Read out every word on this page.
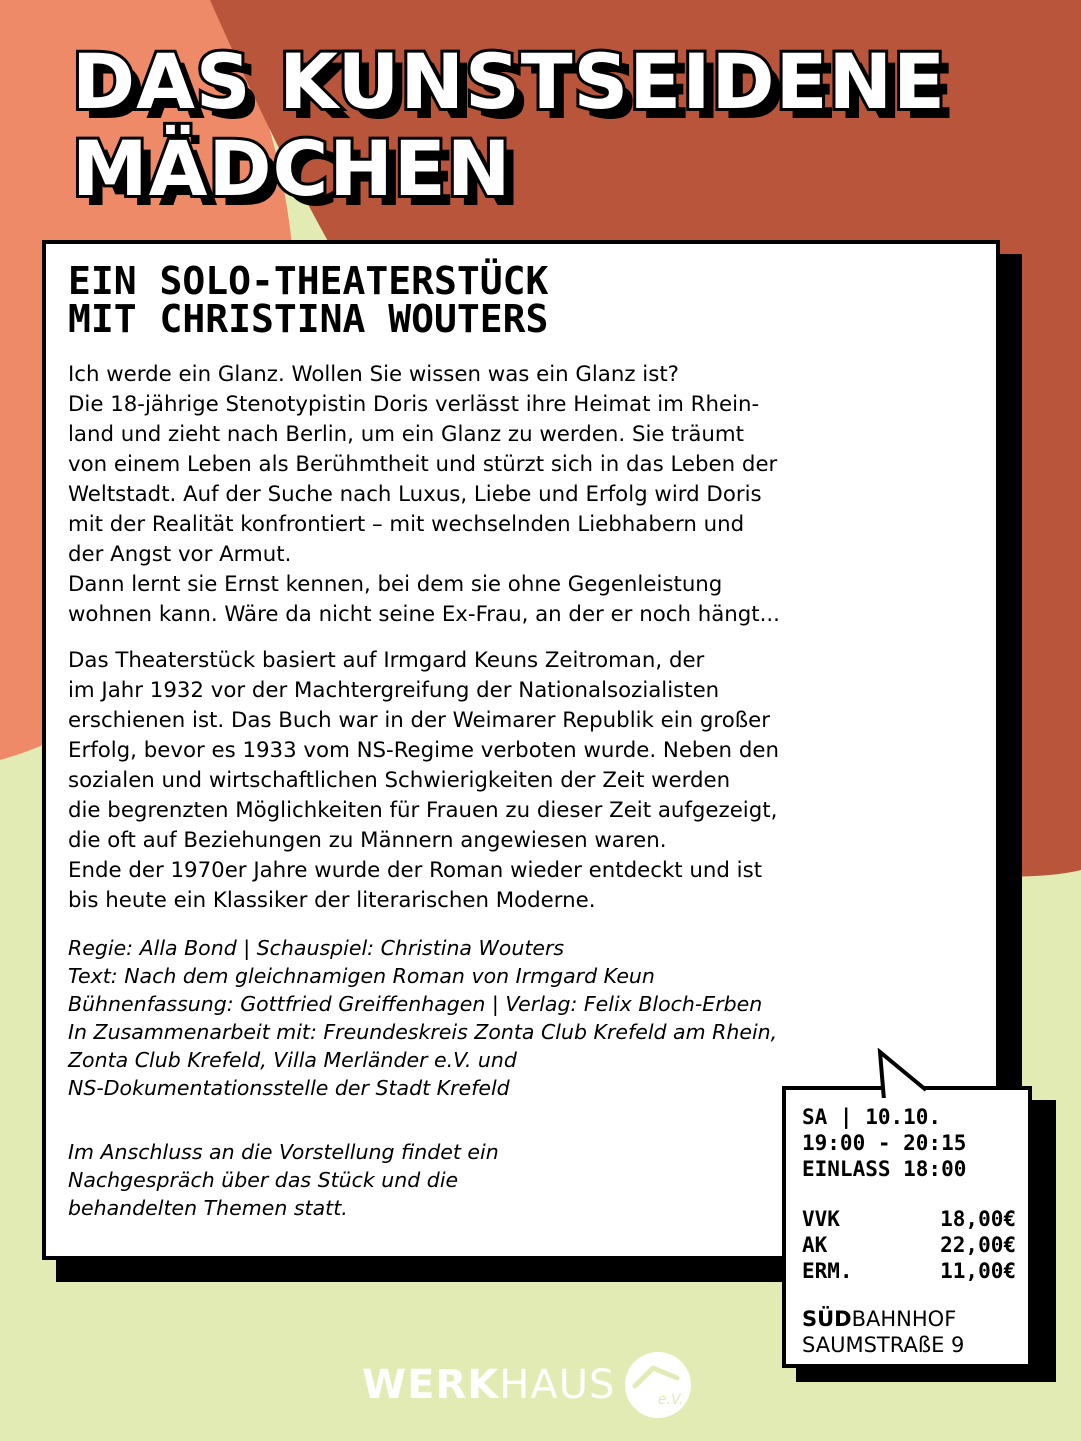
DAS KUNSTSEIDENE
MÄDCHEN
EIN SOLO-THEATERSTÜCK
MIT CHRISTINA WOUTERS
Ich werde ein Glanz. Wollen Sie wissen was ein Glanz ist?
Die 18-jährige Stenotypistin Doris verlässt ihre Heimat im Rhein-
land und zieht nach Berlin, um ein Glanz zu werden. Sie träumt
von einem Leben als Berühmtheit und stürzt sich in das Leben der
Weltstadt. Auf der Suche nach Luxus, Liebe und Erfolg wird Doris
mit der Realität konfrontiert – mit wechselnden Liebhabern und
der Angst vor Armut.
Dann lernt sie Ernst kennen, bei dem sie ohne Gegenleistung
wohnen kann. Wäre da nicht seine Ex-Frau, an der er noch hängt...
Das Theaterstück basiert auf Irmgard Keuns Zeitroman, der
im Jahr 1932 vor der Machtergreifung der Nationalsozialisten
erschienen ist. Das Buch war in der Weimarer Republik ein großer
Erfolg, bevor es 1933 vom NS-Regime verboten wurde. Neben den
sozialen und wirtschaftlichen Schwierigkeiten der Zeit werden
die begrenzten Möglichkeiten für Frauen zu dieser Zeit aufgezeigt,
die oft auf Beziehungen zu Männern angewiesen waren.
Ende der 1970er Jahre wurde der Roman wieder entdeckt und ist
bis heute ein Klassiker der literarischen Moderne.
Regie: Alla Bond | Schauspiel: Christina Wouters
Text: Nach dem gleichnamigen Roman von Irmgard Keun
Bühnenfassung: Gottfried Greiffenhagen | Verlag: Felix Bloch-Erben
In Zusammenarbeit mit: Freundeskreis Zonta Club Krefeld am Rhein,
Zonta Club Krefeld, Villa Merländer e.V. und
NS-Dokumentationsstelle der Stadt Krefeld
Im Anschluss an die Vorstellung findet ein
Nachgespräch über das Stück und die
behandelten Themen statt.
SA | 10.10.
19:00 - 20:15
EINLASS 18:00
VVK	18,00€
AK	22,00€
ERM.	11,00€
SÜDBAHNHOF
SAUMSTRAßE 9
WERK HAUS	e.V.
